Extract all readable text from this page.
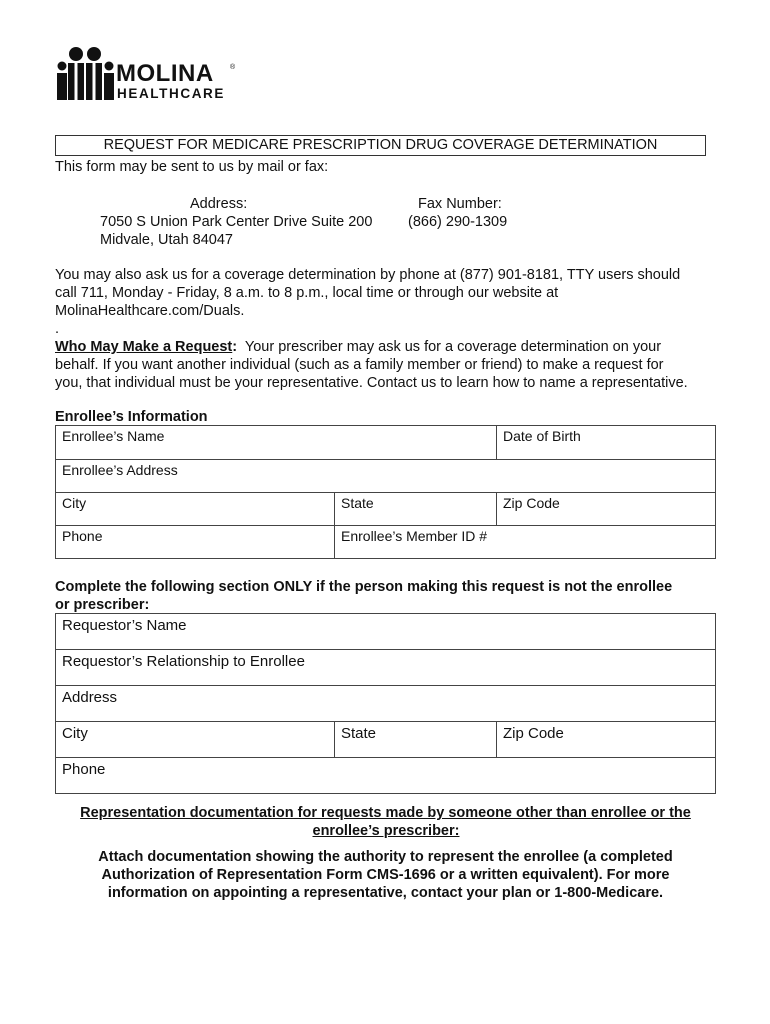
MOLINA ®
HEALTHCARE
REQUEST FOR MEDICARE PRESCRIPTION DRUG COVERAGE DETERMINATION
This form may be sent to us by mail or fax:
Address:
7050 S Union Park Center Drive Suite 200
Midvale, Utah 84047
Fax Number:
(866) 290-1309
You may also ask us for a coverage determination by phone at (877) 901-8181, TTY users should
call 711, Monday - Friday, 8 a.m. to 8 p.m., local time or through our website at
MolinaHealthcare.com/Duals.
.
Who May Make a Request:  Your prescriber may ask us for a coverage determination on your
behalf. If you want another individual (such as a family member or friend) to make a request for
you, that individual must be your representative. Contact us to learn how to name a representative.
Enrollee’s Information
Enrollee’s Name	Date of Birth
Enrollee’s Address
City	State	Zip Code
Phone	Enrollee’s Member ID #
Complete the following section ONLY if the person making this request is not the enrollee
or prescriber:
Requestor’s Name
Requestor’s Relationship to Enrollee
Address
City	State	Zip Code
Phone
Representation documentation for requests made by someone other than enrollee or the
enrollee’s prescriber:
Attach documentation showing the authority to represent the enrollee (a completed
Authorization of Representation Form CMS-1696 or a written equivalent). For more
information on appointing a representative, contact your plan or 1-800-Medicare.
